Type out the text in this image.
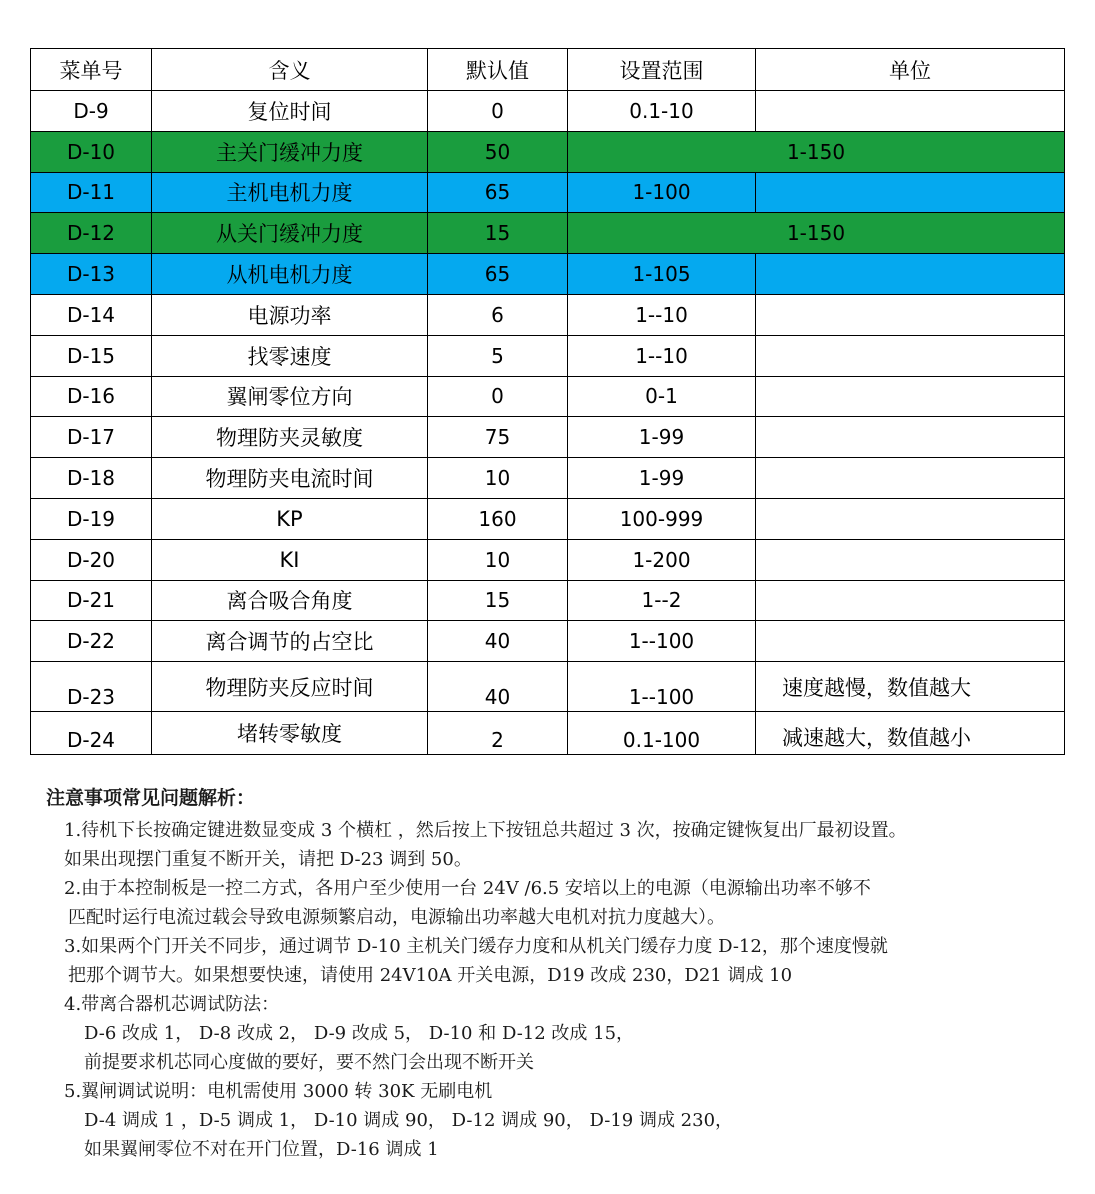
菜单号	含义	默认值	设置范围	单位
D-9	复位时间	0	0.1-10	
D-10	主关门缓冲力度	50	1-150	
D-11	主机电机力度	65	1-100	
D-12	从关门缓冲力度	15	1-150	
D-13	从机电机力度	65	1-105	
D-14	电源功率	6	1--10	
D-15	找零速度	5	1--10	
D-16	翼闸零位方向	0	0-1	
D-17	物理防夹灵敏度	75	1-99	
D-18	物理防夹电流时间	10	1-99	
D-19	KP	160	100-999	
D-20	KI	10	1-200	
D-21	离合吸合角度	15	1--2	
D-22	离合调节的占空比	40	1--100	
D-23	物理防夹反应时间	40	1--100	速度越慢，数值越大
D-24	堵转零敏度	2	0.1-100	减速越大，数值越小
注意事项常见问题解析：
1.待机下长按确定键进数显变成 3 个横杠 ，然后按上下按钮总共超过 3 次，按确定键恢复出厂最初设置。
如果出现摆门重复不断开关，请把 D-23 调到 50。
2.由于本控制板是一控二方式，各用户至少使用一台 24V /6.5 安培以上的电源（电源输出功率不够不
匹配时运行电流过载会导致电源频繁启动，电源输出功率越大电机对抗力度越大）。
3.如果两个门开关不同步，通过调节 D-10 主机关门缓存力度和从机关门缓存力度 D-12，那个速度慢就
把那个调节大。如果想要快速，请使用 24V10A 开关电源，D19 改成 230，D21 调成 10
4.带离合器机芯调试防法：
D-6 改成 1， D-8 改成 2， D-9 改成 5， D-10 和 D-12 改成 15，
前提要求机芯同心度做的要好，要不然门会出现不断开关
5.翼闸调试说明：电机需使用 3000 转 30K 无刷电机
D-4 调成 1 ，D-5 调成 1， D-10 调成 90， D-12 调成 90， D-19 调成 230，
如果翼闸零位不对在开门位置，D-16 调成 1
